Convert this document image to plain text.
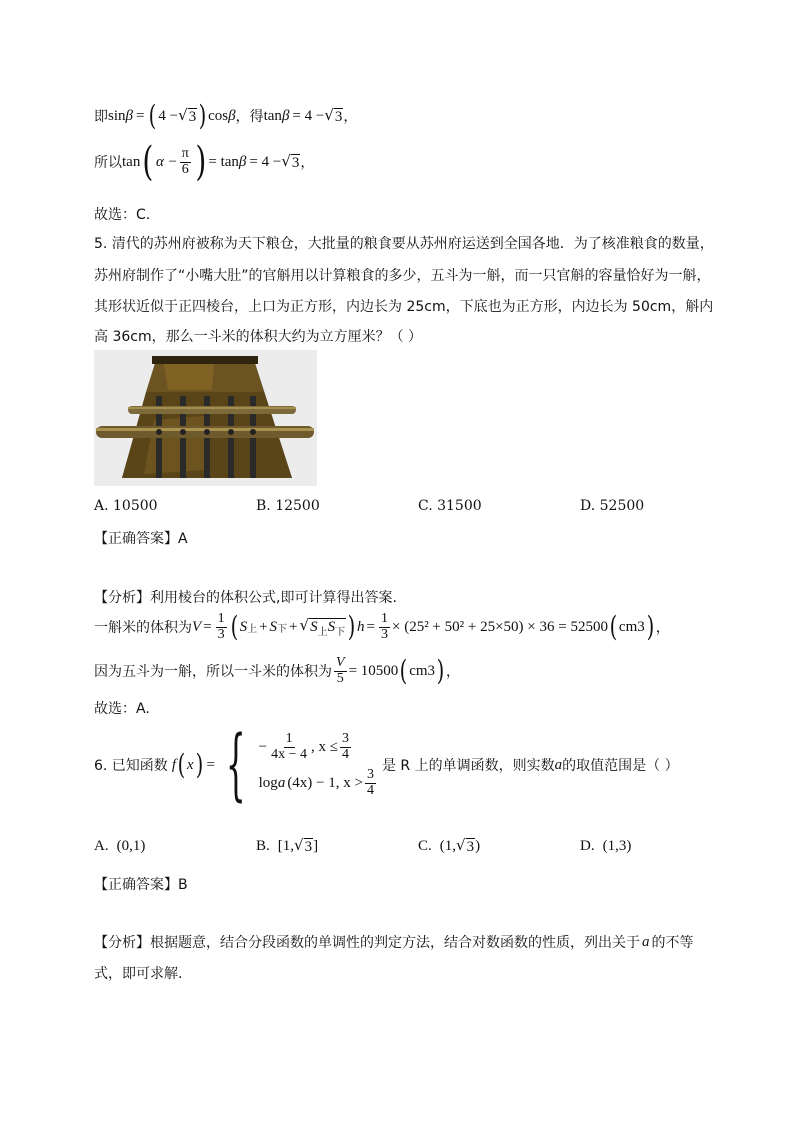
即 sin β = ( 4 − √ 3 ) cos β ，得 tan β = 4 − √ 3 ，
所以 tan ( $\alpha - \frac{\pi}{6}$ ) = tan β = 4 − √ 3 ，
故选：C.
5. 清代的苏州府被称为天下粮仓，大批量的粮食要从苏州府运送到全国各地．为了核准粮食的数量，
苏州府制作了“小嘴大肚”的官斛用以计算粮食的多少，五斗为一斛，而一只官斛的容量恰好为一斛，
其形状近似于正四棱台，上口为正方形，内边长为 25cm，下底也为正方形，内边长为 50cm，斛内
高 36cm，那么一斗米的体积大约为立方厘米？（ ）
A. 10500	B. 12500	C. 31500	D. 52500
【正确答案】A
【分析】利用棱台的体积公式,即可计算得出答案.
一斛米的体积为 $V = \frac{1}{3}$ ( S 上 + S 下 + √ $S_上S_下$ ) $h = \frac{1}{3} \times (25^2 + 50^2 + 25\times 50) \times 36 = 52500$ ( cm 3 ) ，
因为五斗为一斛，所以一斗米的体积为 $\frac{V}{5} = 10500$ ( cm 3 ) ，
故选：A.
6. 已知函数 f ( x ) = { − $\frac{1}{4x - 4}$ , $x \le \frac{3}{4}$
log a (4x) − 1, $x > \frac{3}{4}$
是 R 上的单调函数，则实数 a 的取值范围是（ ）
A. (0,1)	B. [1, √ 3 ]	C. (1, √ 3 )	D. (1,3)
【正确答案】B
【分析】根据题意，结合分段函数的单调性的判定方法，结合对数函数的性质，列出关于 a 的不等
式，即可求解.
